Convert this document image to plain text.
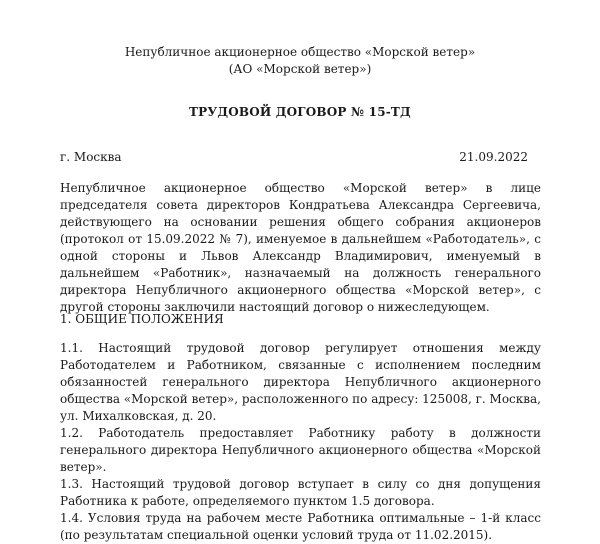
Непубличное акционерное общество «Морской ветер»
(АО «Морской ветер»)
ТРУДОВОЙ ДОГОВОР № 15-ТД
г. Москва	21.09.2022

Непубличное акционерное общество «Морской ветер» в лице председателя совета директоров Кондратьева Александра Сергеевича, действующего на основании решения общего собрания акционеров (протокол от 15.09.2022 № 7), именуемое в дальнейшем «Работодатель», с одной стороны и Львов Александр Владимирович, именуемый в дальнейшем «Работник», назначаемый на должность генерального директора Непубличного акционерного общества «Морской ветер», с другой стороны заключили настоящий договор о нижеследующем.

1. ОБЩИЕ ПОЛОЖЕНИЯ

1.1. Настоящий трудовой договор регулирует отношения между Работодателем и Работником, связанные с исполнением последним обязанностей генерального директора Непубличного акционерного общества «Морской ветер», расположенного по адресу: 125008, г. Москва, ул. Михалковская, д. 20.

1.2. Работодатель предоставляет Работнику работу в должности генерального директора Непубличного акционерного общества «Морской ветер».

1.3. Настоящий трудовой договор вступает в силу со дня допущения Работника к работе, определяемого пунктом 1.5 договора.

1.4. Условия труда на рабочем месте Работника оптимальные – 1-й класс (по результатам специальной оценки условий труда от 11.02.2015).
